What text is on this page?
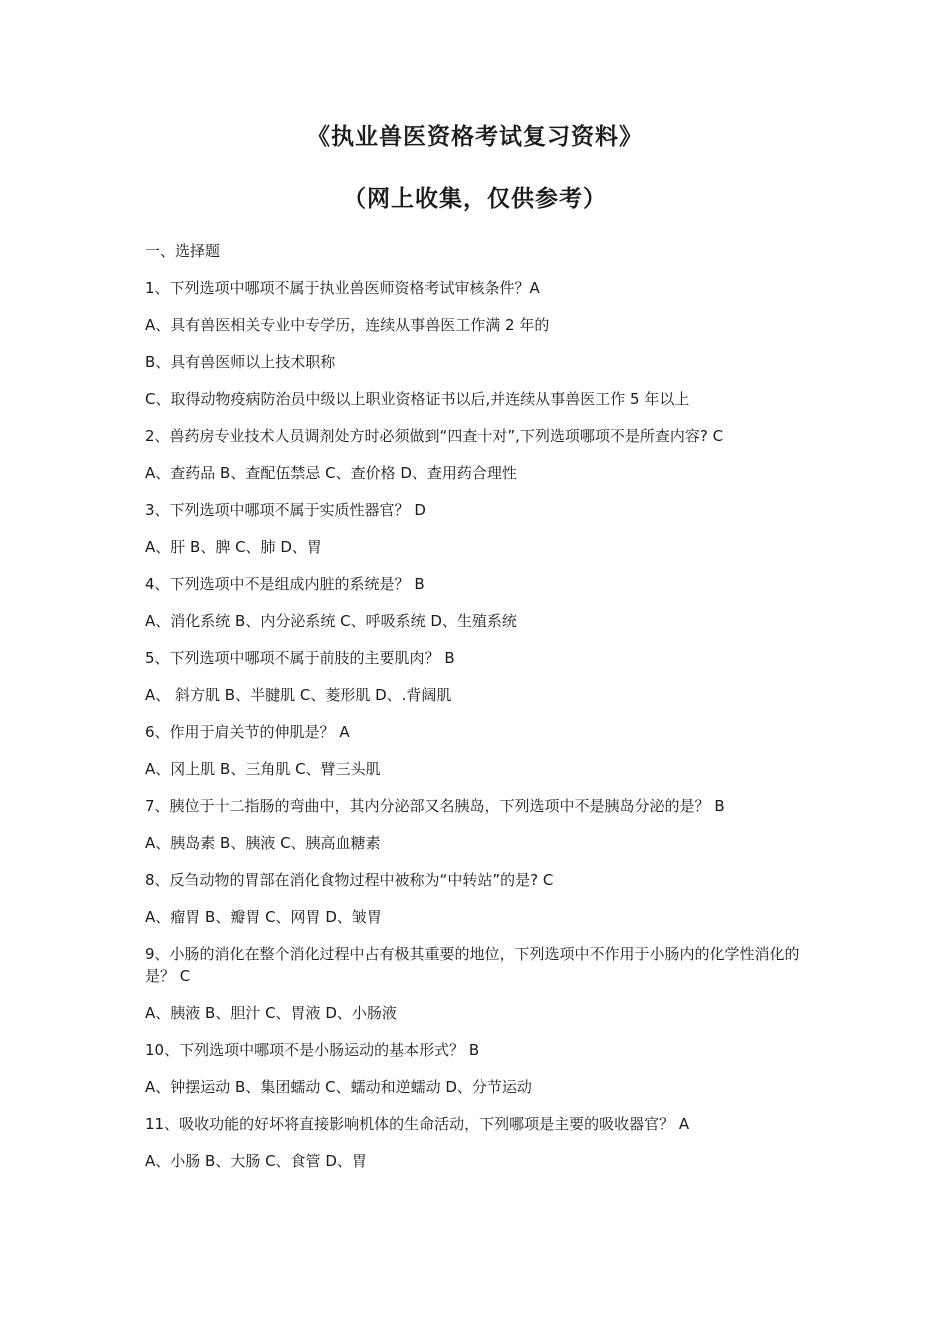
《执业兽医资格考试复习资料》
（网上收集，仅供参考）

一、选择题

1、下列选项中哪项不属于执业兽医师资格考试审核条件？A

A、具有兽医相关专业中专学历，连续从事兽医工作满 2 年的

B、具有兽医师以上技术职称

C、取得动物疫病防治员中级以上职业资格证书以后,并连续从事兽医工作 5 年以上

2、兽药房专业技术人员调剂处方时必须做到“四查十对”,下列选项哪项不是所查内容? C

A、查药品 B、查配伍禁忌 C、查价格 D、查用药合理性

3、下列选项中哪项不属于实质性器官？ D

A、肝 B、脾 C、肺 D、胃

4、下列选项中不是组成内脏的系统是？ B

A、消化系统 B、内分泌系统 C、呼吸系统 D、生殖系统

5、下列选项中哪项不属于前肢的主要肌肉？ B

A、 斜方肌 B、半腱肌 C、菱形肌 D、.背阔肌

6、作用于肩关节的伸肌是？ A

A、冈上肌 B、三角肌 C、臂三头肌

7、胰位于十二指肠的弯曲中，其内分泌部又名胰岛，下列选项中不是胰岛分泌的是？ B

A、胰岛素 B、胰液 C、胰高血糖素

8、反刍动物的胃部在消化食物过程中被称为“中转站”的是? C

A、瘤胃 B、瓣胃 C、网胃 D、皱胃

9、小肠的消化在整个消化过程中占有极其重要的地位，下列选项中不作用于小肠内的化学性消化的是？ C

A、胰液 B、胆汁 C、胃液 D、小肠液

10、下列选项中哪项不是小肠运动的基本形式？ B

A、钟摆运动 B、集团蠕动 C、蠕动和逆蠕动 D、分节运动

11、吸收功能的好坏将直接影响机体的生命活动，下列哪项是主要的吸收器官？ A

A、小肠 B、大肠 C、食管 D、胃
